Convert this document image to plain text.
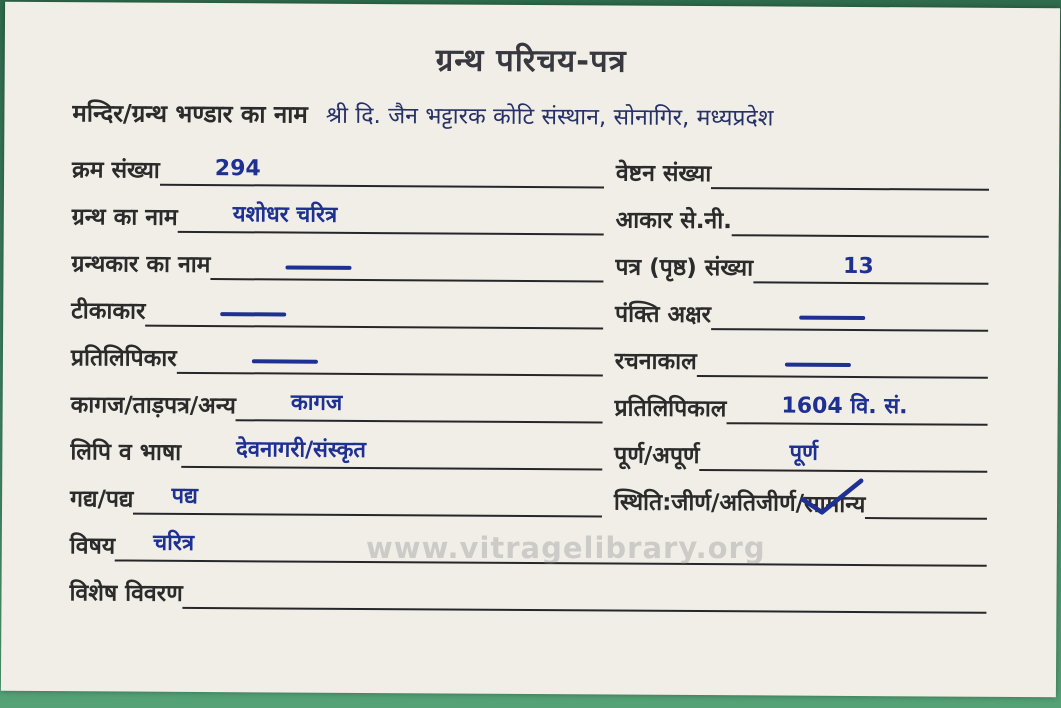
ग्रन्थ परिचय-पत्र
मन्दिर/ग्रन्थ भण्डार का नाम श्री दि. जैन भट्टारक कोटि संस्थान, सोनागिर, मध्यप्रदेश
क्रम संख्या 294	वेष्टन संख्या
ग्रन्थ का नाम यशोधर चरित्र	आकार से.नी.
ग्रन्थकार का नाम	पत्र (पृष्ठ) संख्या	13
टीकाकार	पंक्ति अक्षर
प्रतिलिपिकार	रचनाकाल
कागज/ताड़पत्र/अन्य कागज	प्रतिलिपिकाल 1604 वि. सं.
लिपि व भाषा देवनागरी/संस्कृत	पूर्ण/अपूर्ण	पूर्ण
गद्य/पद्य पद्य	स्थिति:जीर्ण/अतिजीर्ण/ सामान्य
विषय चरित्र
विशेष विवरण
www.vitragelibrary.org
